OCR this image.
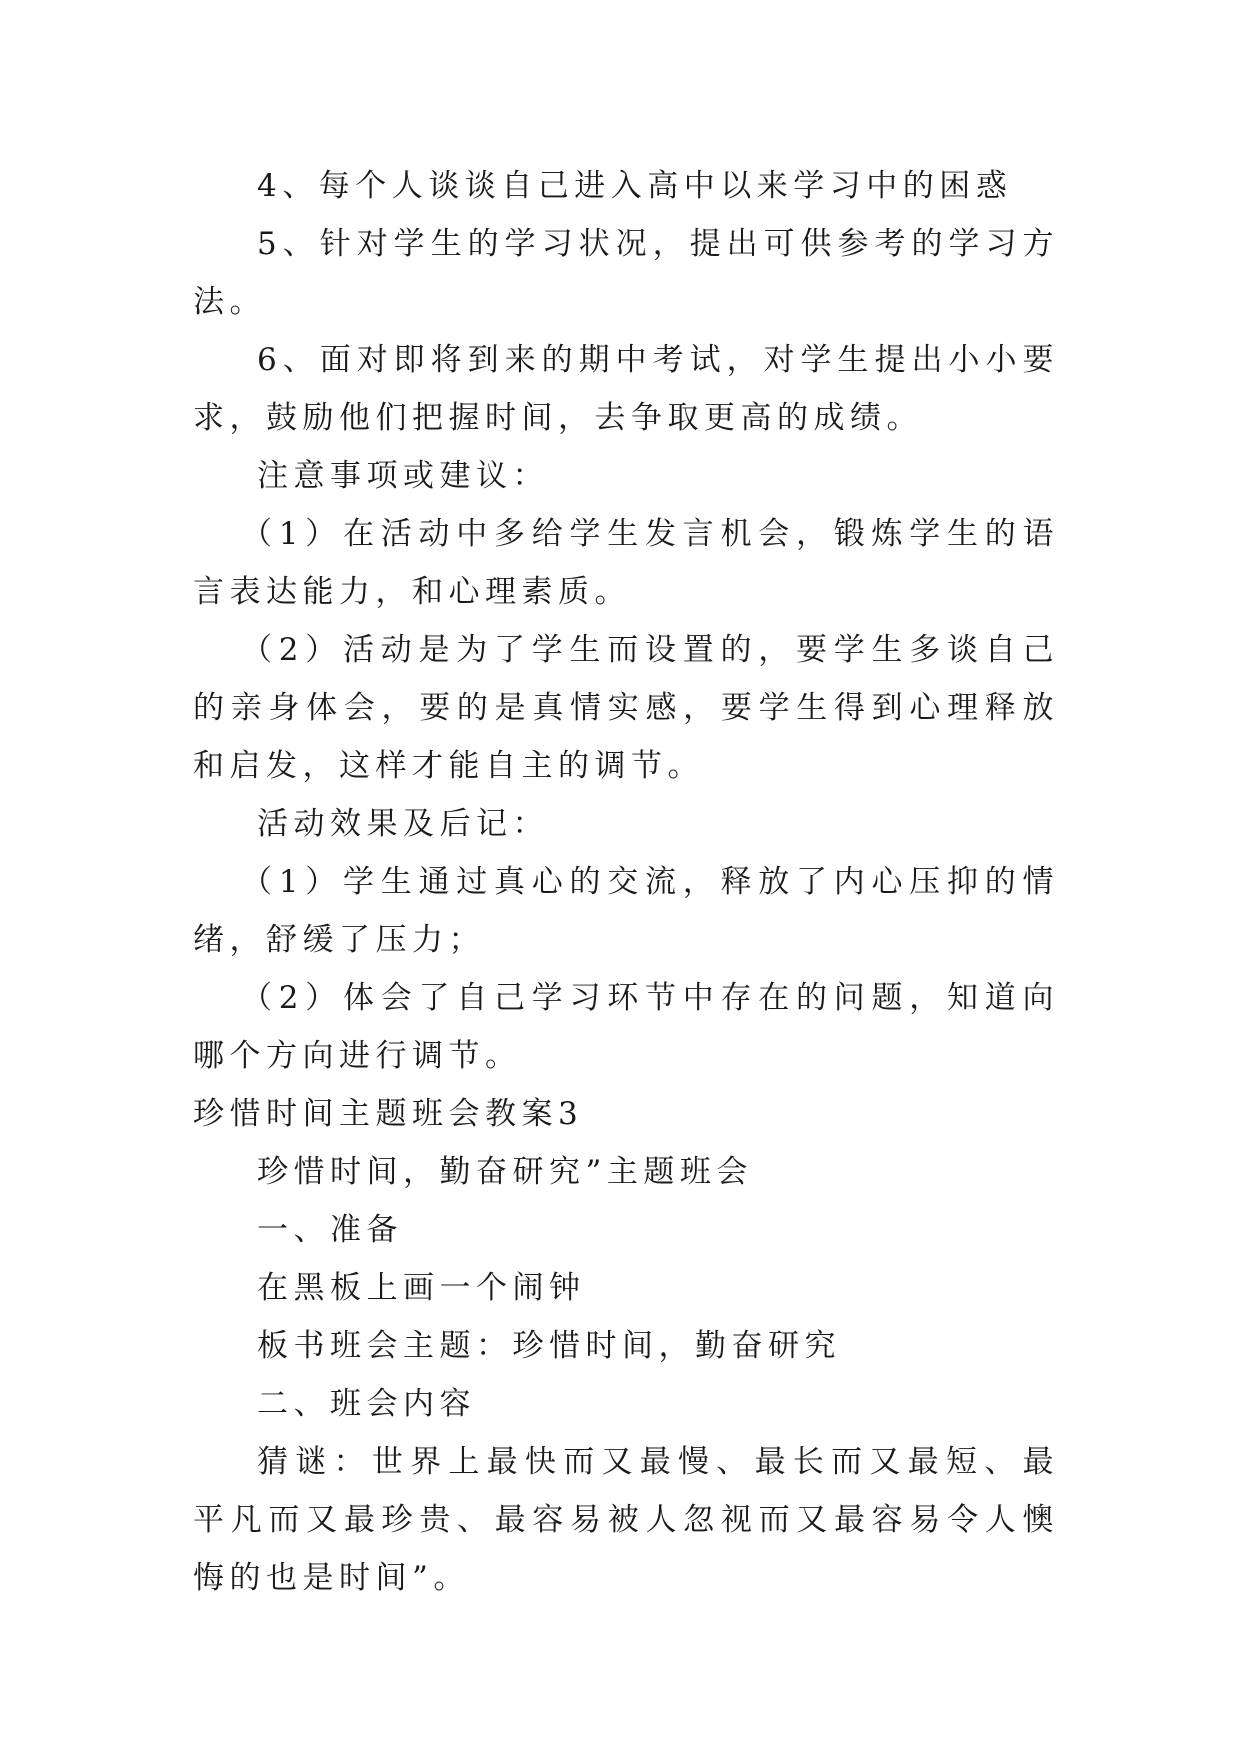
4、每个人谈谈自己进入高中以来学习中的困惑

5、针对学生的学习状况，提出可供参考的学习方法。

6、面对即将到来的期中考试，对学生提出小小要求，鼓励他们把握时间，去争取更高的成绩。

注意事项或建议：

（1）在活动中多给学生发言机会，锻炼学生的语言表达能力，和心理素质。

（2）活动是为了学生而设置的，要学生多谈自己的亲身体会，要的是真情实感，要学生得到心理释放和启发，这样才能自主的调节。

活动效果及后记：

（1）学生通过真心的交流，释放了内心压抑的情绪，舒缓了压力；

（2）体会了自己学习环节中存在的问题，知道向哪个方向进行调节。

珍惜时间主题班会教案3

珍惜时间，勤奋研究”主题班会

一、准备

在黑板上画一个闹钟

板书班会主题：珍惜时间，勤奋研究

二、班会内容

猜谜：世界上最快而又最慢、最长而又最短、最平凡而又最珍贵、最容易被人忽视而又最容易令人懊悔的也是时间”。
